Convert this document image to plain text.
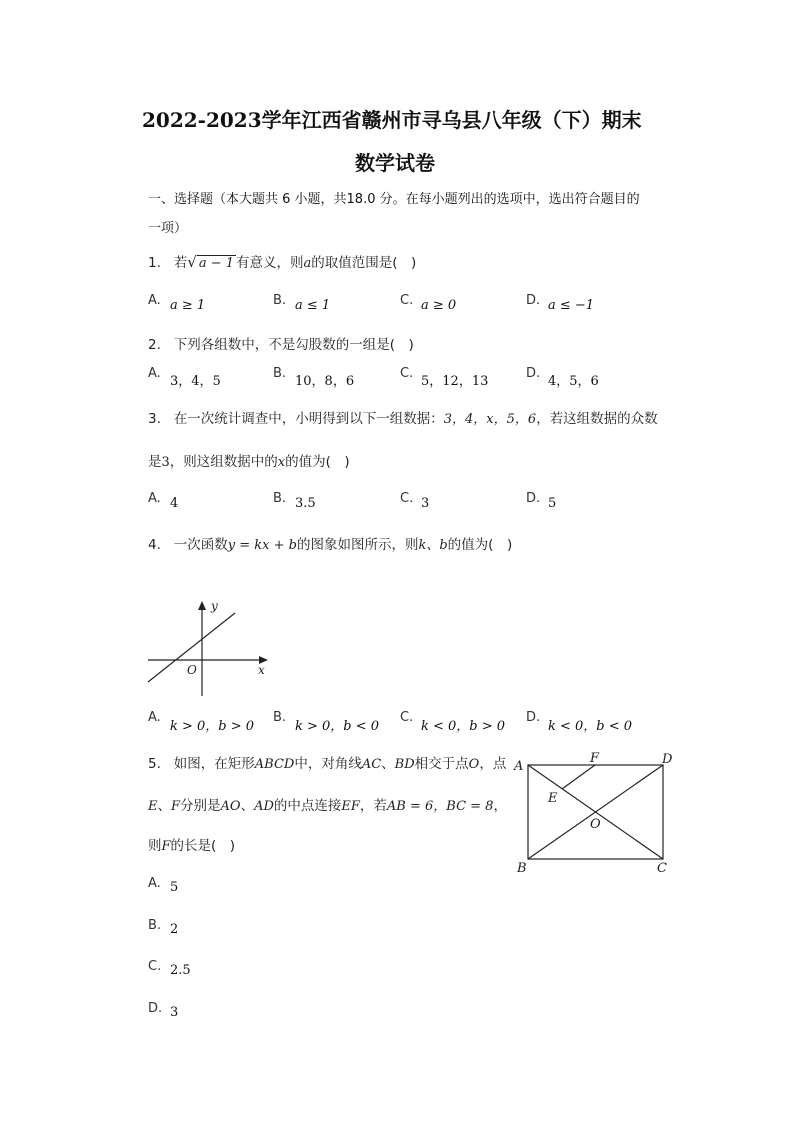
2022-2023学年江西省赣州市寻乌县八年级（下）期末
数学试卷
一、选择题（本大题共 6 小题，共18.0 分。在每小题列出的选项中，选出符合题目的
一项）
1. 若√ a − 1 有意义，则a的取值范围是(　)
A. a ≥ 1	B. a ≤ 1	C. a ≥ 0	D. a ≤ −1
2. 下列各组数中，不是勾股数的一组是(　)
A.
3，4，5
B.
10，8，6
C.
5，12，13
D.
4，5，6
3. 在一次统计调查中，小明得到以下一组数据：3，4，x，5，6，若这组数据的众数
是3，则这组数据中的x的值为(　)
A. 4	B. 3.5	C. 3	D. 5
4. 一次函数y = kx + b的图象如图所示，则k、b的值为(　)
y
x
O
A.
k > 0，b > 0
B.
k > 0，b < 0
C.
k < 0，b > 0
D.
k < 0，b < 0
5. 如图，在矩形ABCD中，对角线AC、BD相交于点O，点
E、F分别是AO、AD的中点连接EF，若AB = 6，BC = 8，
则F的长是(　)
A
F	D
E
O
B	C
A. 5
B. 2
C. 2.5
D. 3
